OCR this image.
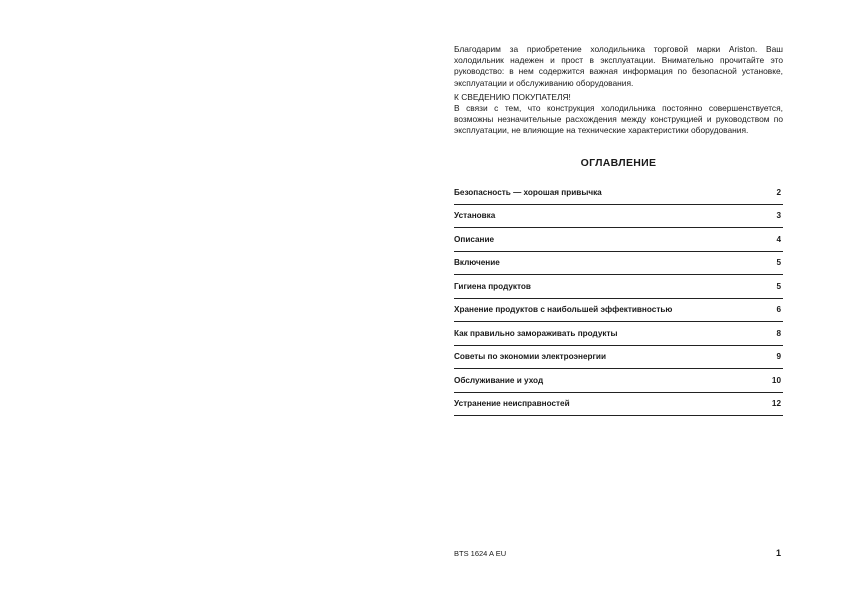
Благодарим за приобретение холодильника торговой марки Ariston. Ваш холодильник надежен и прост в эксплуатации. Внимательно прочитайте это руководство: в нем содержится важная информация по безопасной установке, эксплуатации и обслуживанию оборудования.

К СВЕДЕНИЮ ПОКУПАТЕЛЯ!

В связи с тем, что конструкция холодильника постоянно совершенствуется, возможны незначительные расхождения между конструкцией и руководством по эксплуатации, не влияющие на технические характеристики оборудования.

ОГЛАВЛЕНИЕ
Безопасность — хорошая привычка	2
Установка	3
Описание	4
Включение	5
Гигиена продуктов	5
Хранение продуктов с наибольшей эффективностью	6
Как правильно замораживать продукты	8
Советы по экономии электроэнергии	9
Обслуживание и уход	10
Устранение неисправностей	12
BTS 1624 A EU	1
